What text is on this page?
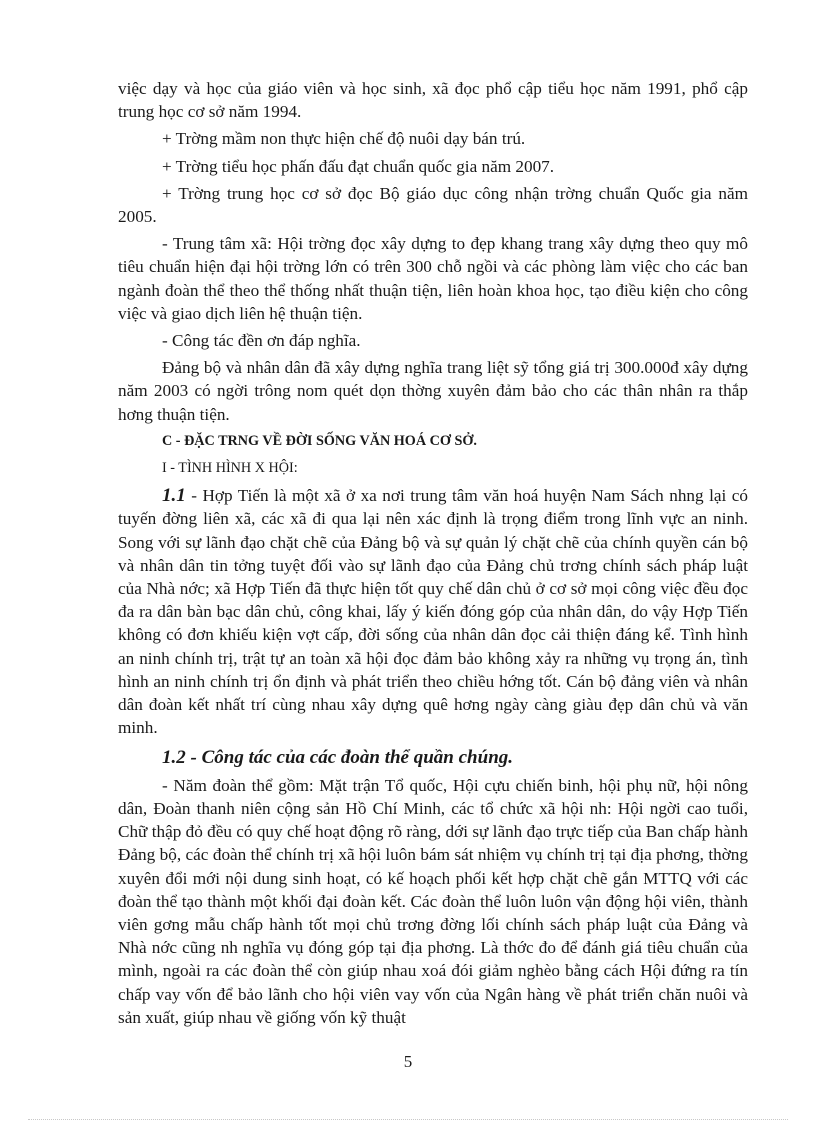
việc dạy và học của giáo viên và học sinh, xã đọc phổ cập tiểu học năm 1991, phổ cập trung học cơ sở năm 1994.

+ Trờng mầm non thực hiện chế độ nuôi dạy bán trú.

+ Trờng tiểu học phấn đấu đạt chuẩn quốc gia năm 2007.

+ Trờng trung học cơ sở đọc Bộ giáo dục công nhận trờng chuẩn Quốc gia năm 2005.

- Trung tâm xã: Hội trờng đọc xây dựng to đẹp khang trang xây dựng theo quy mô tiêu chuẩn hiện đại hội trờng lớn có trên 300 chỗ ngồi và các phòng làm việc cho các ban ngành đoàn thể theo thể thống nhất thuận tiện, liên hoàn khoa học, tạo điều kiện cho công việc và giao dịch liên hệ thuận tiện.

- Công tác đền ơn đáp nghĩa.

Đảng bộ và nhân dân đã xây dựng nghĩa trang liệt sỹ tổng giá trị 300.000đ xây dựng năm 2003 có ngời trông nom quét dọn thờng xuyên đảm bảo cho các thân nhân ra thắp hơng thuận tiện.

C - ĐẶC TRNG VỀ ĐỜI SỐNG VĂN HOÁ CƠ SỞ.

I - TÌNH HÌNH X HỘI:

1.1 - Hợp Tiến là một xã ở xa nơi trung tâm văn hoá huyện Nam Sách nhng lại có tuyến đờng liên xã, các xã đi qua lại nên xác định là trọng điểm trong lĩnh vực an ninh. Song với sự lãnh đạo chặt chẽ của Đảng bộ và sự quản lý chặt chẽ của chính quyền cán bộ và nhân dân tin tởng tuyệt đối vào sự lãnh đạo của Đảng chủ trơng chính sách pháp luật của Nhà nớc; xã Hợp Tiến đã thực hiện tốt quy chế dân chủ ở cơ sở mọi công việc đều đọc đa ra dân bàn bạc dân chủ, công khai, lấy ý kiến đóng góp của nhân dân, do vậy Hợp Tiến không có đơn khiếu kiện vợt cấp, đời sống của nhân dân đọc cải thiện đáng kể. Tình hình an ninh chính trị, trật tự an toàn xã hội đọc đảm bảo không xảy ra những vụ trọng án, tình hình an ninh chính trị ổn định và phát triển theo chiều hớng tốt. Cán bộ đảng viên và nhân dân đoàn kết nhất trí cùng nhau xây dựng quê hơng ngày càng giàu đẹp dân chủ và văn minh.

1.2 - Công tác của các đoàn thể quần chúng.

- Năm đoàn thể gồm: Mặt trận Tổ quốc, Hội cựu chiến binh, hội phụ nữ, hội nông dân, Đoàn thanh niên cộng sản Hồ Chí Minh, các tổ chức xã hội nh: Hội ngời cao tuổi, Chữ thập đỏ đều có quy chế hoạt động rõ ràng, dới sự lãnh đạo trực tiếp của Ban chấp hành Đảng bộ, các đoàn thể chính trị xã hội luôn bám sát nhiệm vụ chính trị tại địa phơng, thờng xuyên đổi mới nội dung sinh hoạt, có kế hoạch phối kết hợp chặt chẽ gắn MTTQ với các đoàn thể tạo thành một khối đại đoàn kết. Các đoàn thể luôn luôn vận động hội viên, thành viên gơng mẫu chấp hành tốt mọi chủ trơng đờng lối chính sách pháp luật của Đảng và Nhà nớc cũng nh nghĩa vụ đóng góp tại địa phơng. Là thớc đo để đánh giá tiêu chuẩn của mình, ngoài ra các đoàn thể còn giúp nhau xoá đói giảm nghèo bằng cách Hội đứng ra tín chấp vay vốn để bảo lãnh cho hội viên vay vốn của Ngân hàng về phát triển chăn nuôi và sản xuất, giúp nhau về giống vốn kỹ thuật

5
